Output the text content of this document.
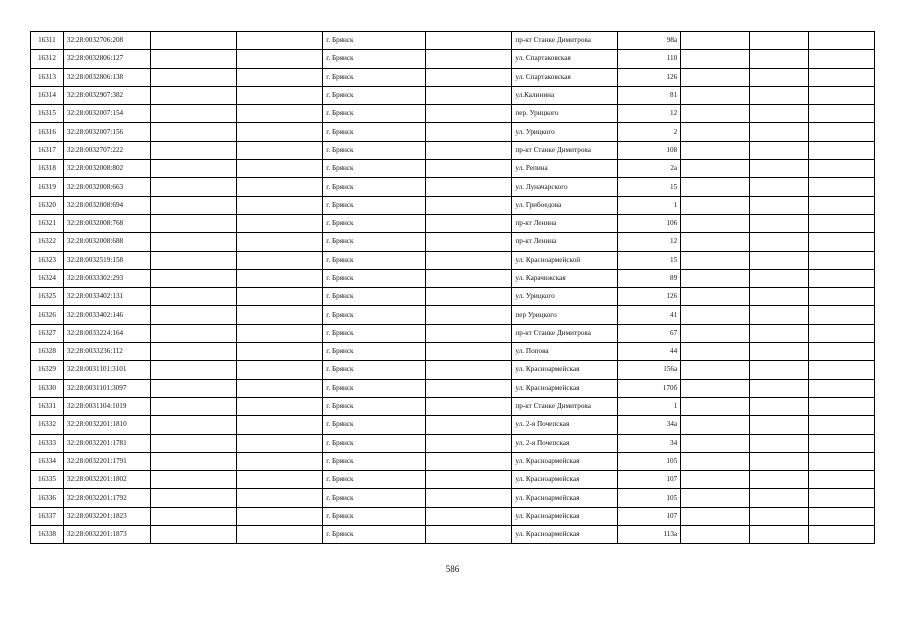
16311	32:28:0032706:208			г. Брянск		пр-кт Станке Димитрова	98а			
16312	32:28:0032806:127			г. Брянск		ул. Спартаковская	110			
16313	32:28:0032806:138			г. Брянск		ул. Спартаковская	126			
16314	32:28:0032907:382			г. Брянск		ул.Калинина	81			
16315	32:28:0032007:154			г. Брянск		пер. Урицкого	12			
16316	32:28:0032007:156			г. Брянск		ул. Урицкого	2			
16317	32:28:0032707:222			г. Брянск		пр-кт Станке Димитрова	108			
16318	32:28:0032008:802			г. Брянск		ул. Репина	2а			
16319	32:28:0032008:663			г. Брянск		ул. Луначарского	15			
16320	32:28:0032008:694			г. Брянск		ул. Грибоедова	1			
16321	32:28:0032008:768			г. Брянск		пр-кт Ленина	106			
16322	32:28:0032008:688			г. Брянск		пр-кт Ленина	12			
16323	32:28:0032519:158			г. Брянск		ул. Красноармейской	15			
16324	32:28:0033302:293			г. Брянск		ул. Карачижская	89			
16325	32:28:0033402:131			г. Брянск		ул. Урицкого	126			
16326	32:28:0033402:146			г. Брянск		пер Урицкого	41			
16327	32:28:0033224:164			г. Брянск		пр-кт Станке Димитрова	67			
16328	32:28:0033236:112			г. Брянск		ул. Попова	44			
16329	32:28:0031101:3101			г. Брянск		ул. Красноармейская	156а			
16330	32:28:0031101:3097			г. Брянск		ул. Красноармейская	170б			
16331	32:28:0031104:1019			г. Брянск		пр-кт Станке Димитрова	1			
16332	32:28:0032201:1810			г. Брянск		ул. 2-я Почепская	34а			
16333	32:28:0032201:1781			г. Брянск		ул. 2-я Почепская	34			
16334	32:28:0032201:1791			г. Брянск		ул. Красноармейская	105			
16335	32:28:0032201:1802			г. Брянск		ул. Красноармейская	107			
16336	32:28:0032201:1792			г. Брянск		ул. Красноармейская	105			
16337	32:28:0032201:1823			г. Брянск		ул. Красноармейская	107			
16338	32:28:0032201:1873			г. Брянск		ул. Красноармейская	113а			
586
